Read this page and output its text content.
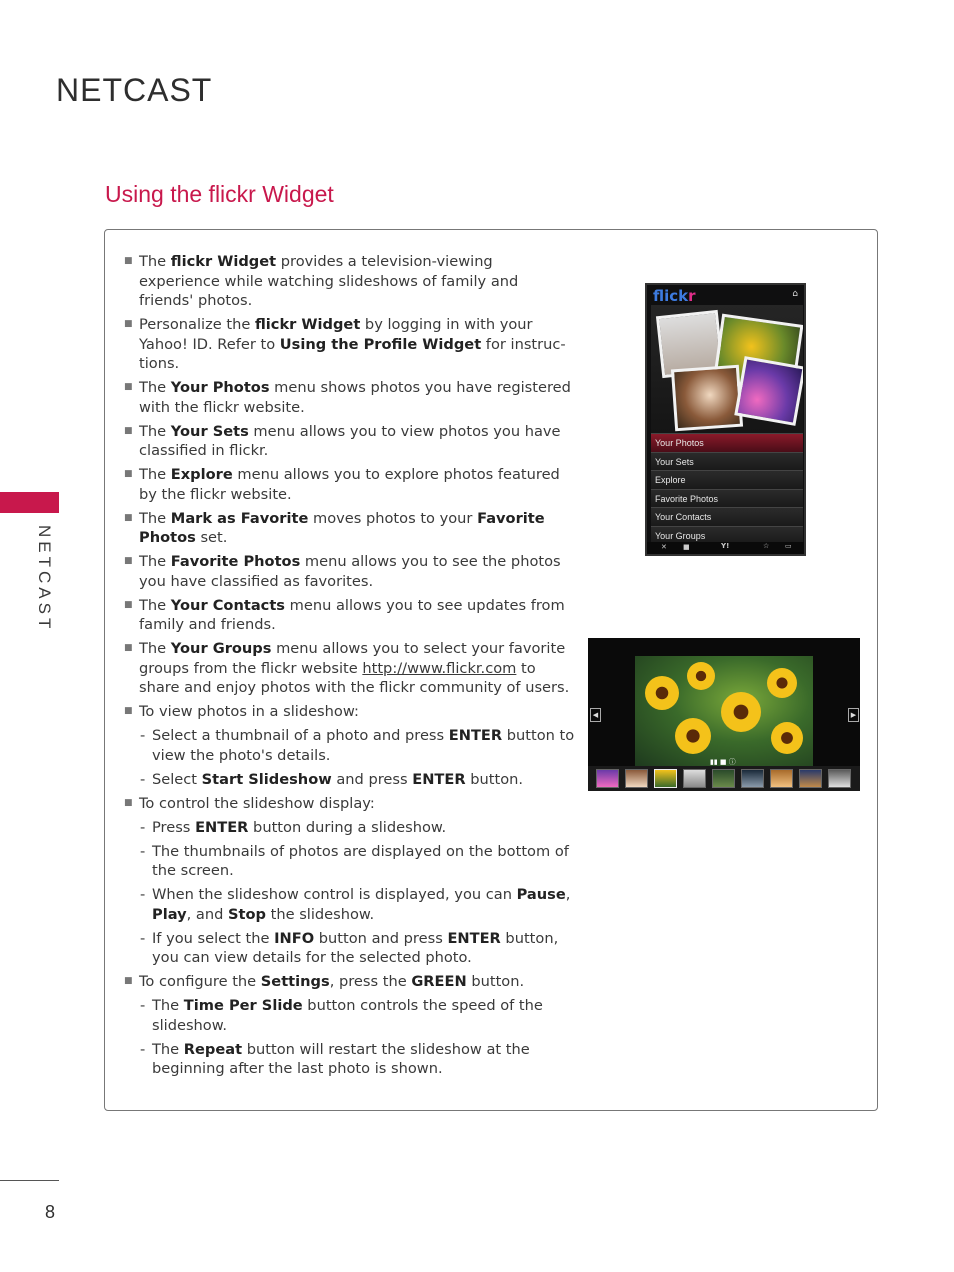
NETCAST
Using the flickr Widget
NETCAST
8
■ The flickr Widget provides a television-viewing experience while watching slideshows of family and friends' photos.
■ Personalize the flickr Widget by logging in with your Yahoo! ID. Refer to Using the Profile Widget for instruc-tions.
■ The Your Photos menu shows photos you have registered with the flickr website.
■ The Your Sets menu allows you to view photos you have classified in flickr.
■ The Explore menu allows you to explore photos featured by the flickr website.
■ The Mark as Favorite moves photos to your Favorite Photos set.
■ The Favorite Photos menu allows you to see the photos you have classified as favorites.
■ The Your Contacts menu allows you to see updates from family and friends.
■ The Your Groups menu allows you to select your favorite groups from the flickr website http://www.flickr.com to share and enjoy photos with the flickr community of users.
■ To view photos in a slideshow:
- Select a thumbnail of a photo and press ENTER button to view the photo's details.
- Select Start Slideshow and press ENTER button.
■ To control the slideshow display:
- Press ENTER button during a slideshow.
- The thumbnails of photos are displayed on the bottom of the screen.
- When the slideshow control is displayed, you can Pause, Play, and Stop the slideshow.
- If you select the INFO button and press ENTER button, you can view details for the selected photo.
■ To configure the Settings, press the GREEN button.
- The Time Per Slide button controls the speed of the slideshow.
- The Repeat button will restart the slideshow at the beginning after the last photo is shown.
flickr	⌂
Your Photos
Your Sets
Explore
Favorite Photos
Your Contacts
Your Groups
✕ ■	Y!	☆ ▭
◀	▶
▮▮ ■ ⓘ
